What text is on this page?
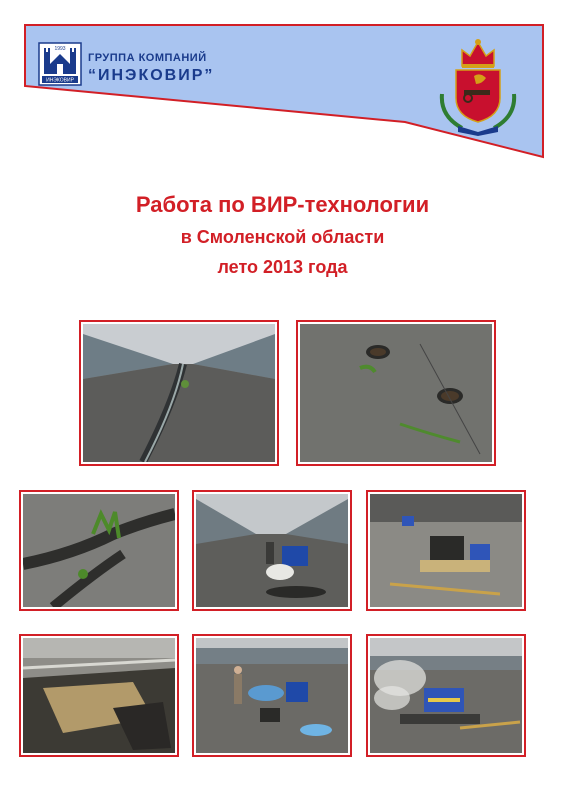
1993
ИНЭКОВИР
ГРУППА КОМПАНИЙ
“ИНЭКОВИР”
Работа по ВИР-технологии
в Смоленской области
лето 2013 года
